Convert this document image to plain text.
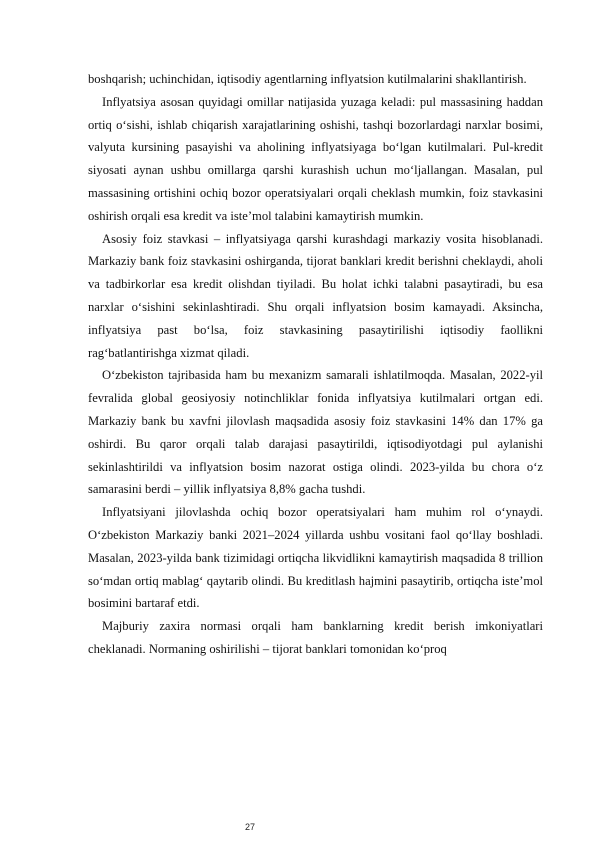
boshqarish; uchinchidan, iqtisodiy agentlarning inflyatsion kutilmalarini shakllantirish.

Inflyatsiya asosan quyidagi omillar natijasida yuzaga keladi: pul massasining haddan ortiq o‘sishi, ishlab chiqarish xarajatlarining oshishi, tashqi bozorlardagi narxlar bosimi, valyuta kursining pasayishi va aholining inflyatsiyaga bo‘lgan kutilmalari. Pul-kredit siyosati aynan ushbu omillarga qarshi kurashish uchun mo‘ljallangan. Masalan, pul massasining ortishini ochiq bozor operatsiyalari orqali cheklash mumkin, foiz stavkasini oshirish orqali esa kredit va iste’mol talabini kamaytirish mumkin.

Asosiy foiz stavkasi – inflyatsiyaga qarshi kurashdagi markaziy vosita hisoblanadi. Markaziy bank foiz stavkasini oshirganda, tijorat banklari kredit berishni cheklaydi, aholi va tadbirkorlar esa kredit olishdan tiyiladi. Bu holat ichki talabni pasaytiradi, bu esa narxlar o‘sishini sekinlashtiradi. Shu orqali inflyatsion bosim kamayadi. Aksincha, inflyatsiya past bo‘lsa, foiz stavkasining pasaytirilishi iqtisodiy faollikni rag‘batlantirishga xizmat qiladi.

O‘zbekiston tajribasida ham bu mexanizm samarali ishlatilmoqda. Masalan, 2022-yil fevralida global geosiyosiy notinchliklar fonida inflyatsiya kutilmalari ortgan edi. Markaziy bank bu xavfni jilovlash maqsadida asosiy foiz stavkasini 14% dan 17% ga oshirdi. Bu qaror orqali talab darajasi pasaytirildi, iqtisodiyotdagi pul aylanishi sekinlashtirildi va inflyatsion bosim nazorat ostiga olindi. 2023-yilda bu chora o‘z samarasini berdi – yillik inflyatsiya 8,8% gacha tushdi.

Inflyatsiyani jilovlashda ochiq bozor operatsiyalari ham muhim rol o‘ynaydi. O‘zbekiston Markaziy banki 2021–2024 yillarda ushbu vositani faol qo‘llay boshladi. Masalan, 2023-yilda bank tizimidagi ortiqcha likvidlikni kamaytirish maqsadida 8 trillion so‘mdan ortiq mablag‘ qaytarib olindi. Bu kreditlash hajmini pasaytirib, ortiqcha iste’mol bosimini bartaraf etdi.

Majburiy zaxira normasi orqali ham banklarning kredit berish imkoniyatlari cheklanadi. Normaning oshirilishi – tijorat banklari tomonidan ko‘proq

27
